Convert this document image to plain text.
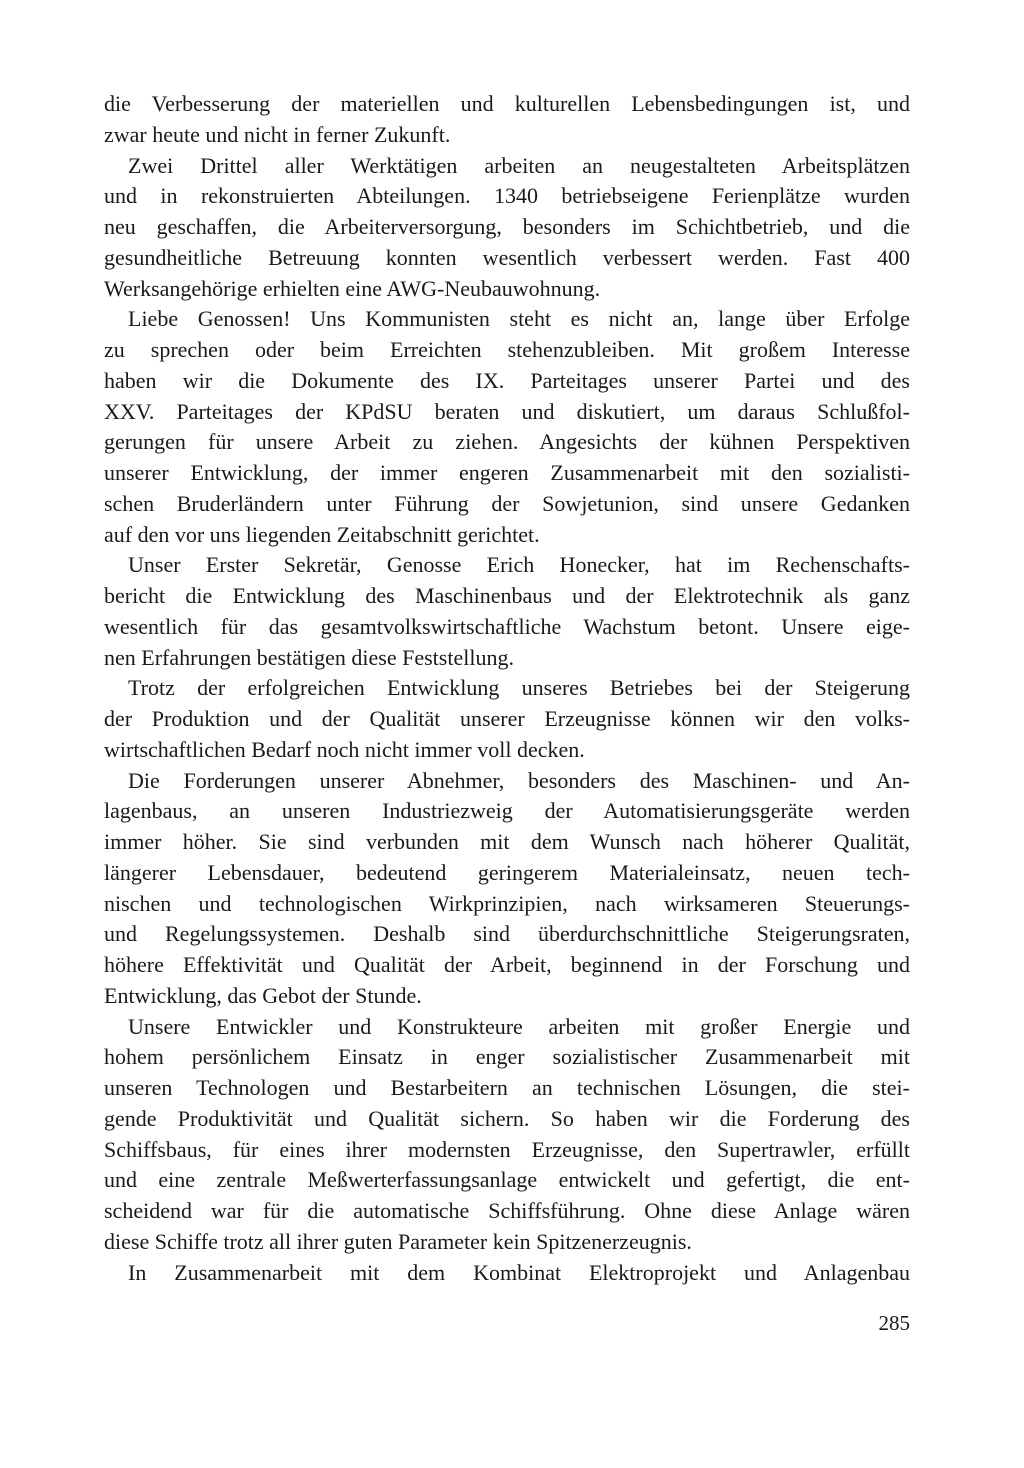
die Verbesserung der materiellen und kulturellen Lebensbedingungen ist, und
zwar heute und nicht in ferner Zukunft.
Zwei Drittel aller Werktätigen arbeiten an neugestalteten Arbeitsplätzen
und in rekonstruierten Abteilungen. 1340 betriebseigene Ferienplätze wurden
neu geschaffen, die Arbeiterversorgung, besonders im Schichtbetrieb, und die
gesundheitliche Betreuung konnten wesentlich verbessert werden. Fast 400
Werksangehörige erhielten eine AWG-Neubauwohnung.
Liebe Genossen! Uns Kommunisten steht es nicht an, lange über Erfolge
zu sprechen oder beim Erreichten stehenzubleiben. Mit großem Interesse
haben wir die Dokumente des IX. Parteitages unserer Partei und des
XXV. Parteitages der KPdSU beraten und diskutiert, um daraus Schlußfol-
gerungen für unsere Arbeit zu ziehen. Angesichts der kühnen Perspektiven
unserer Entwicklung, der immer engeren Zusammenarbeit mit den sozialisti-
schen Bruderländern unter Führung der Sowjetunion, sind unsere Gedanken
auf den vor uns liegenden Zeitabschnitt gerichtet.
Unser Erster Sekretär, Genosse Erich Honecker, hat im Rechenschafts-
bericht die Entwicklung des Maschinenbaus und der Elektrotechnik als ganz
wesentlich für das gesamtvolkswirtschaftliche Wachstum betont. Unsere eige-
nen Erfahrungen bestätigen diese Feststellung.
Trotz der erfolgreichen Entwicklung unseres Betriebes bei der Steigerung
der Produktion und der Qualität unserer Erzeugnisse können wir den volks-
wirtschaftlichen Bedarf noch nicht immer voll decken.
Die Forderungen unserer Abnehmer, besonders des Maschinen- und An-
lagenbaus, an unseren Industriezweig der Automatisierungsgeräte werden
immer höher. Sie sind verbunden mit dem Wunsch nach höherer Qualität,
längerer Lebensdauer, bedeutend geringerem Materialeinsatz, neuen tech-
nischen und technologischen Wirkprinzipien, nach wirksameren Steuerungs-
und Regelungssystemen. Deshalb sind überdurchschnittliche Steigerungsraten,
höhere Effektivität und Qualität der Arbeit, beginnend in der Forschung und
Entwicklung, das Gebot der Stunde.
Unsere Entwickler und Konstrukteure arbeiten mit großer Energie und
hohem persönlichem Einsatz in enger sozialistischer Zusammenarbeit mit
unseren Technologen und Bestarbeitern an technischen Lösungen, die stei-
gende Produktivität und Qualität sichern. So haben wir die Forderung des
Schiffsbaus, für eines ihrer modernsten Erzeugnisse, den Supertrawler, erfüllt
und eine zentrale Meßwerterfassungsanlage entwickelt und gefertigt, die ent-
scheidend war für die automatische Schiffsführung. Ohne diese Anlage wären
diese Schiffe trotz all ihrer guten Parameter kein Spitzenerzeugnis.
In Zusammenarbeit mit dem Kombinat Elektroprojekt und Anlagenbau
285
